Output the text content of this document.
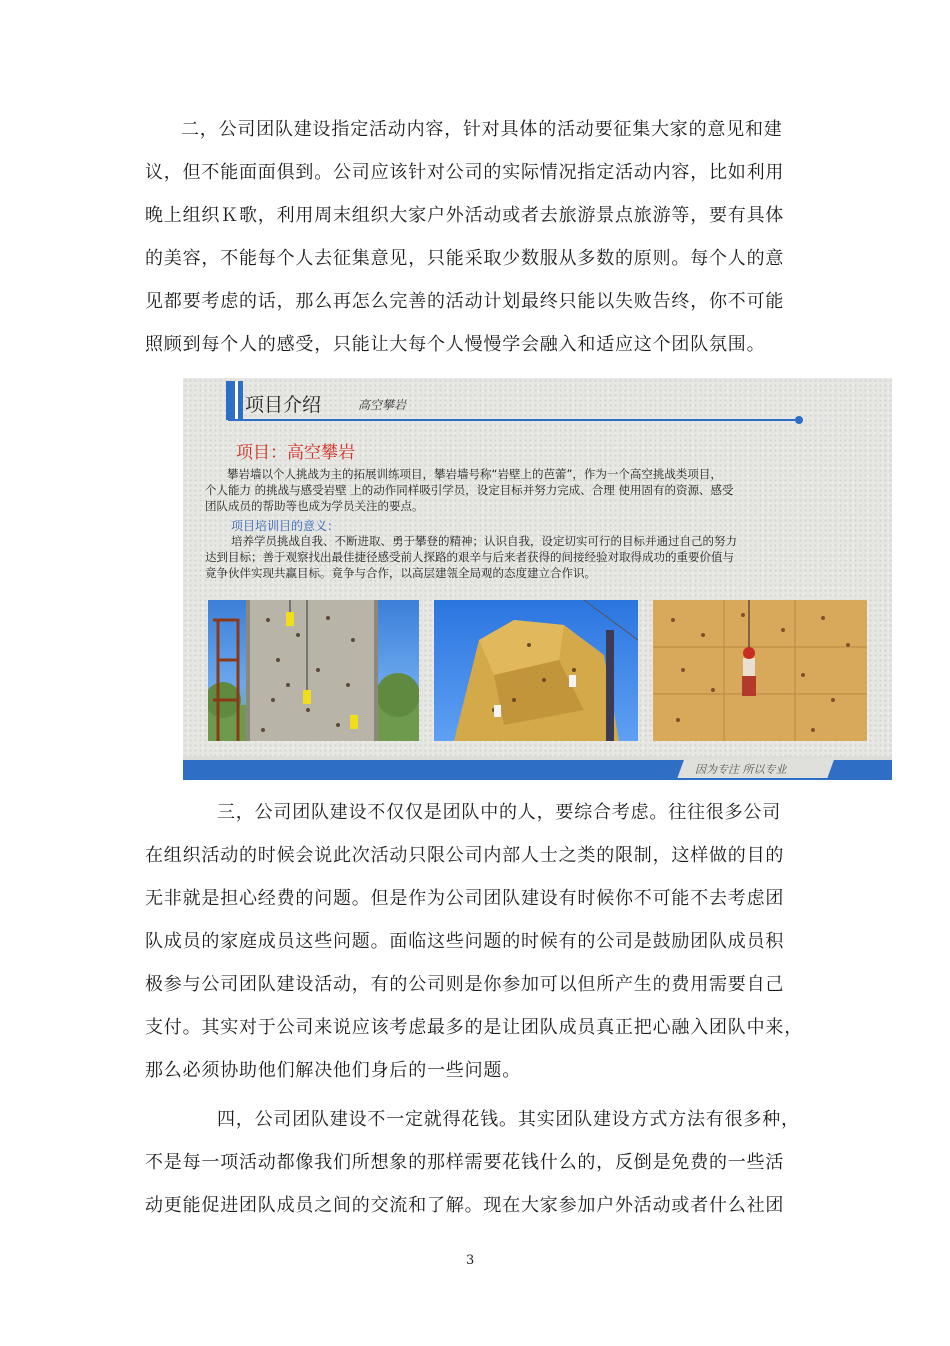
二，公司团队建设指定活动内容，针对具体的活动要征集大家的意见和建
议，但不能面面俱到。公司应该针对公司的实际情况指定活动内容，比如利用
晚上组织Ｋ歌，利用周末组织大家户外活动或者去旅游景点旅游等，要有具体
的美容，不能每个人去征集意见，只能采取少数服从多数的原则。每个人的意
见都要考虑的话，那么再怎么完善的活动计划最终只能以失败告终，你不可能
照顾到每个人的感受，只能让大每个人慢慢学会融入和适应这个团队氛围。
项目介绍	高空攀岩
项目：高空攀岩
攀岩墙以个人挑战为主的拓展训练项目，攀岩墙号称“岩壁上的芭蕾”，作为一个高空挑战类项目，
个人能力 的挑战与感受岩壁 上的动作同样吸引学员，设定目标并努力完成、合理 使用固有的资源、感受
团队成员的帮助等也成为学员关注的要点。
项目培训目的意义：
培养学员挑战自我、不断进取、勇于攀登的精神；认识自我，设定切实可行的目标并通过自己的努力
达到目标；善于观察找出最佳捷径感受前人探路的艰辛与后来者获得的间接经验对取得成功的重要价值与
竟争伙伴实现共赢目标。竟争与合作，以高层建瓴全局观的态度建立合作识。
因为专注 所以专业
三，公司团队建设不仅仅是团队中的人，要综合考虑。往往很多公司
在组织活动的时候会说此次活动只限公司内部人士之类的限制，这样做的目的
无非就是担心经费的问题。但是作为公司团队建设有时候你不可能不去考虑团
队成员的家庭成员这些问题。面临这些问题的时候有的公司是鼓励团队成员积
极参与公司团队建设活动，有的公司则是你参加可以但所产生的费用需要自己
支付。其实对于公司来说应该考虑最多的是让团队成员真正把心融入团队中来，
那么必须协助他们解决他们身后的一些问题。
四，公司团队建设不一定就得花钱。其实团队建设方式方法有很多种，
不是每一项活动都像我们所想象的那样需要花钱什么的，反倒是免费的一些活
动更能促进团队成员之间的交流和了解。现在大家参加户外活动或者什么社团
3
